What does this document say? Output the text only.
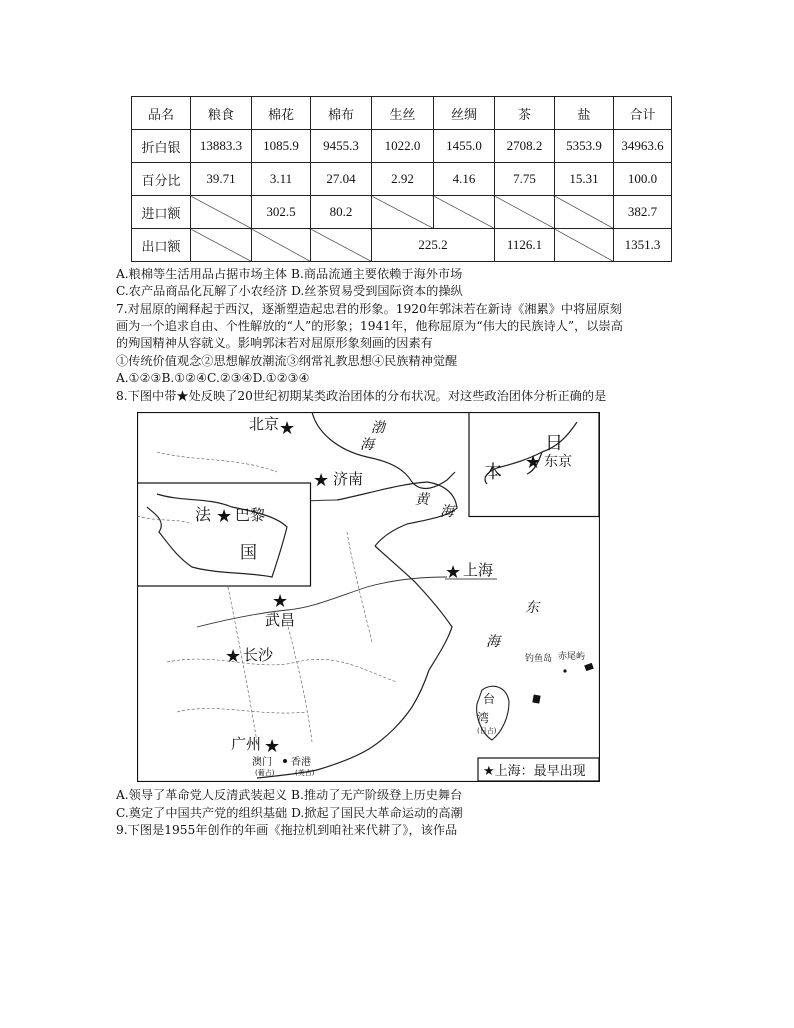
品名	粮食	棉花	棉布	生丝	丝绸	茶	盐	合计
折白银	13883.3	1085.9	9455.3	1022.0	1455.0	2708.2	5353.9	34963.6
百分比	39.71	3.11	27.04	2.92	4.16	7.75	15.31	100.0
进口额		302.5	80.2					382.7
出口额				225.2		1126.1		1351.3
A.粮棉等生活用品占据市场主体 B.商品流通主要依赖于海外市场
C.农产品商品化瓦解了小农经济 D.丝茶贸易受到国际资本的操纵
7.对屈原的阐释起于西汉，逐渐塑造起忠君的形象。1920年郭沫若在新诗《湘累》中将屈原刻
画为一个追求自由、个性解放的“人”的形象；1941年，他称屈原为“伟大的民族诗人”，以崇高
的殉国精神从容就义。影响郭沫若对屈原形象刻画的因素有
①传统价值观念②思想解放潮流③纲常礼教思想④民族精神觉醒
A.①②③B.①②④C.②③④D.①②③④
8.下图中带★处反映了20世纪初期某类政治团体的分布状况。对这些政治团体分析正确的是
★
★
★
★
★
★
★
★
北京
济南
上海
武昌
长沙
广州
东京
巴黎
法
国
日
本
渤
海
黄
海
东
海
钓鱼岛 赤尾屿
台
湾
(日占)
澳门
(葡占)
香港
(英占)	★上海：最早出现
A.领导了革命党人反清武装起义 B.推动了无产阶级登上历史舞台
C.奠定了中国共产党的组织基础 D.掀起了国民大革命运动的高潮
9.下图是1955年创作的年画《拖拉机到咱社来代耕了》，该作品
